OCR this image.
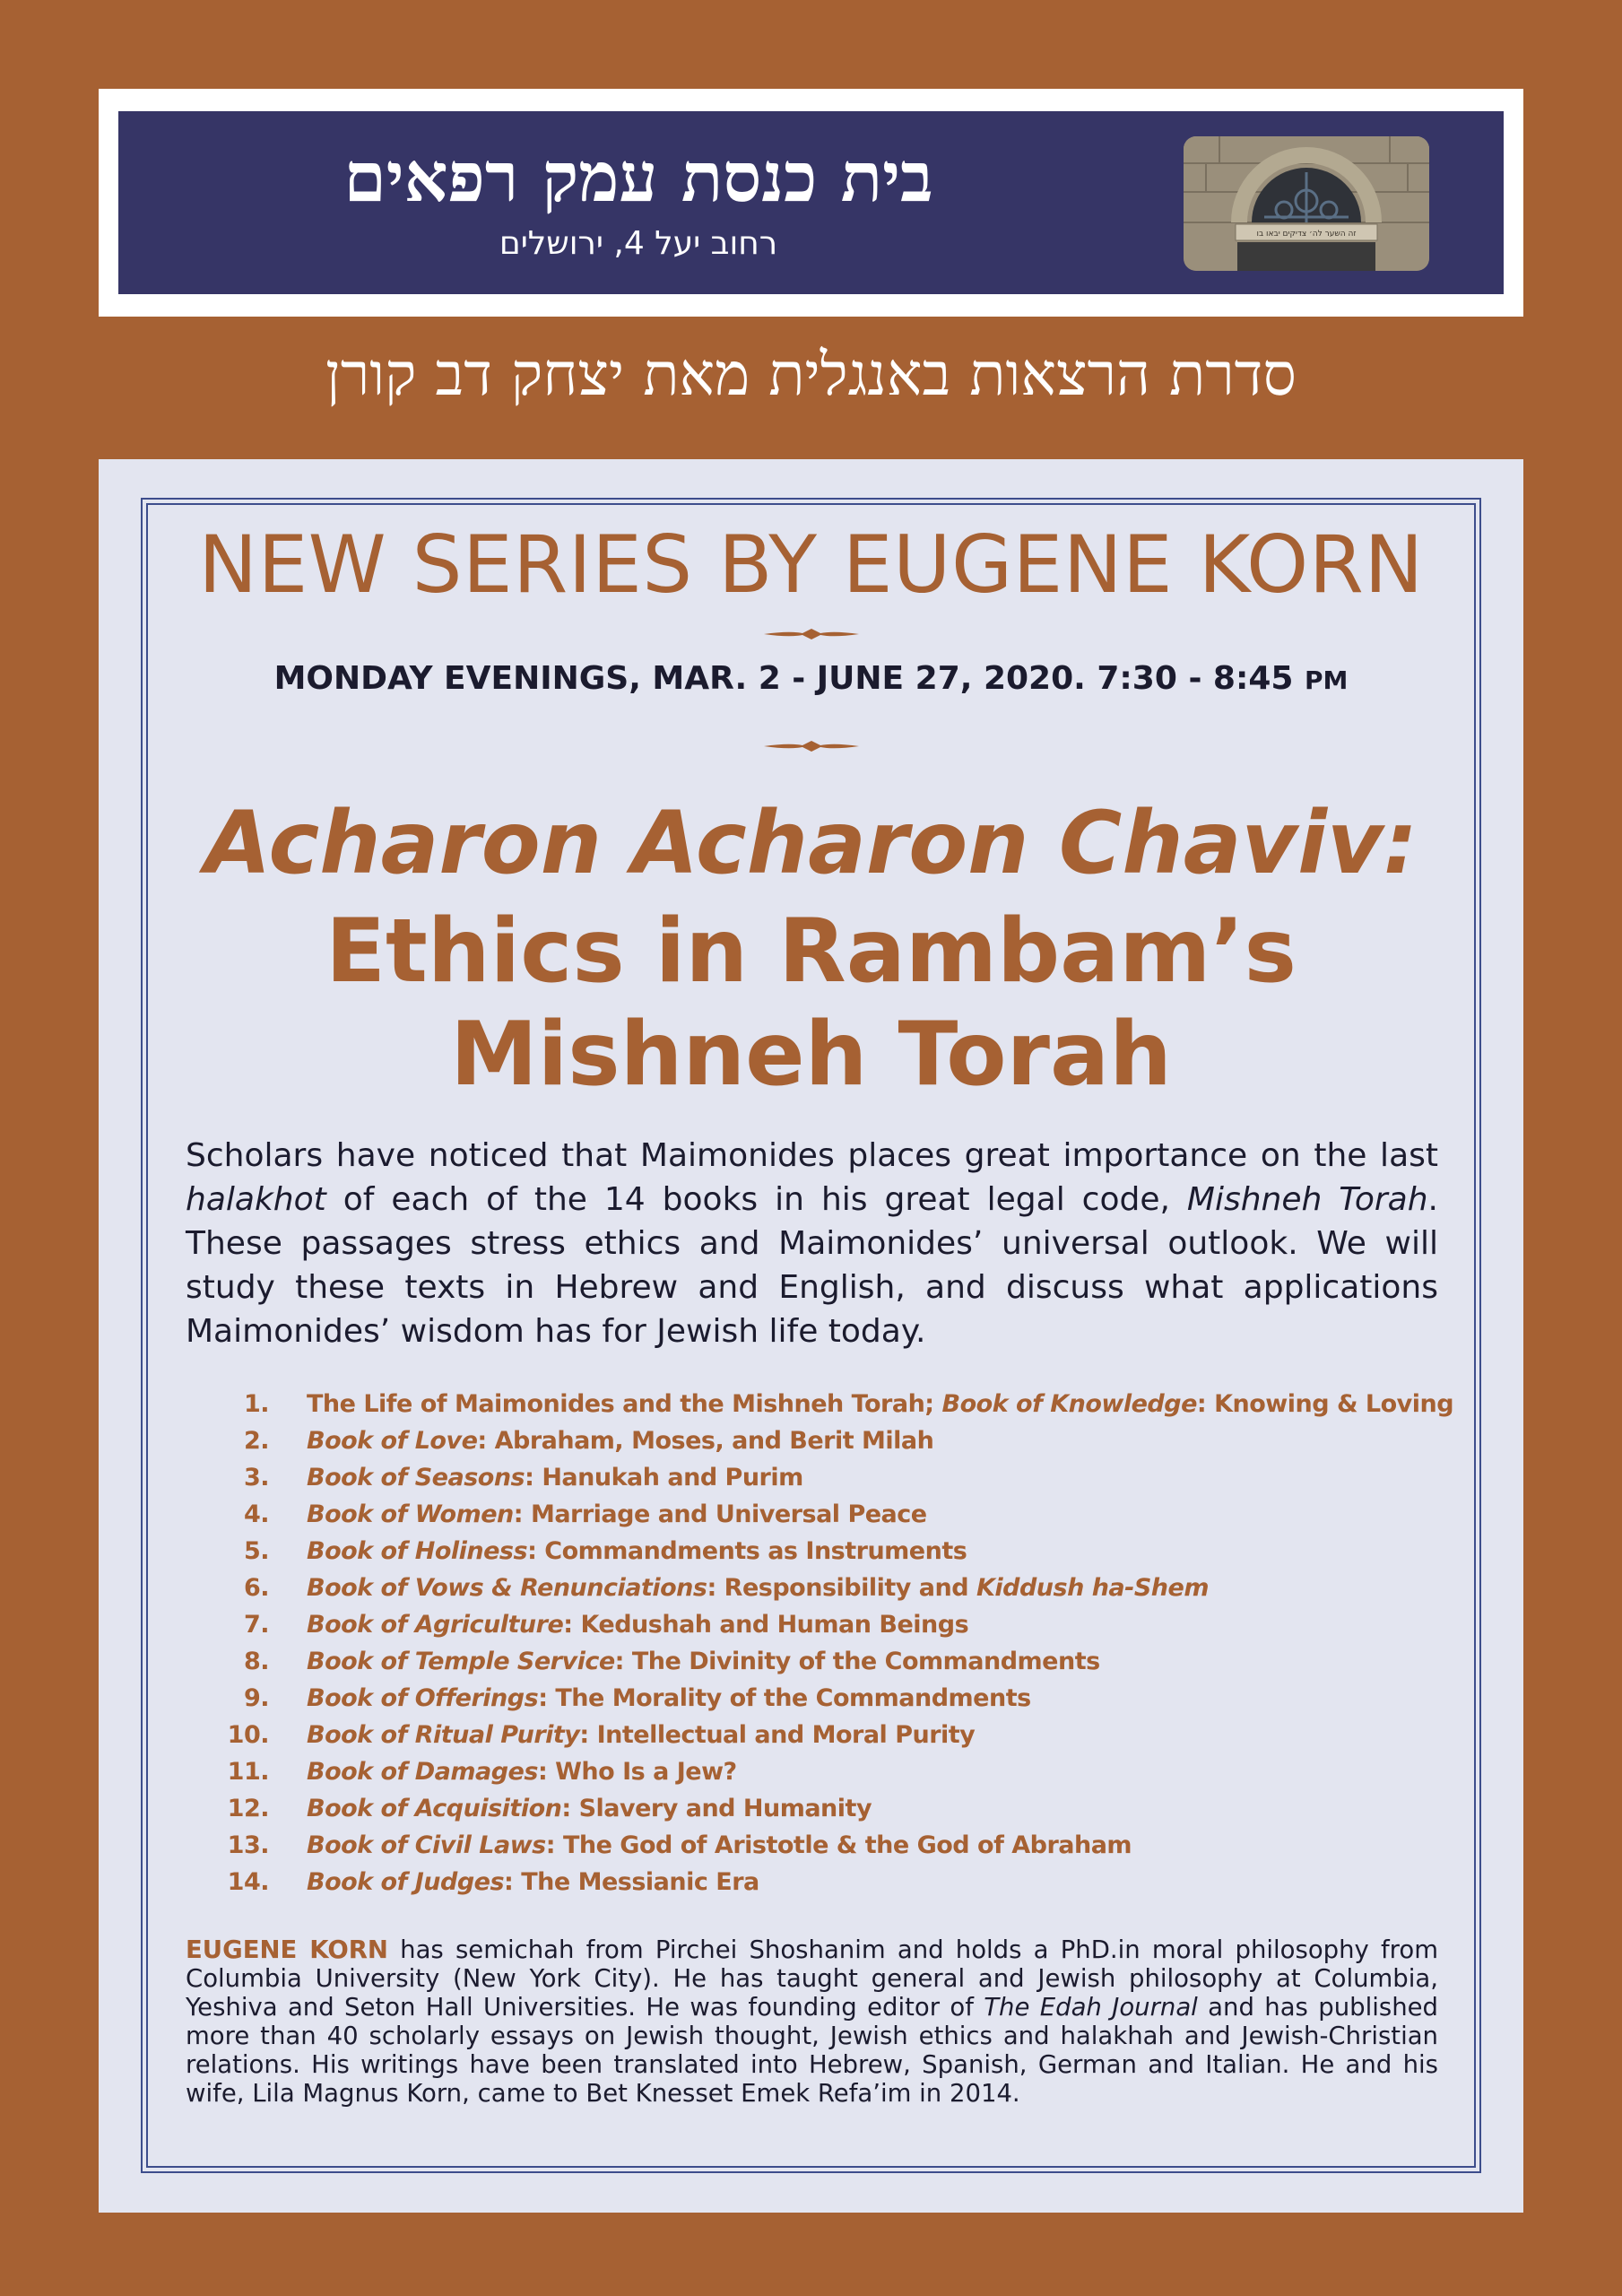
בית כנסת עמק רפאים
רחוב יעל 4, ירושלים	זה השער לה׳ צדיקים יבאו בו
סדרת הרצאות באנגלית מאת יצחק דב קורן
NEW SERIES BY EUGENE KORN
MONDAY EVENINGS, MAR. 2 - JUNE 27, 2020. 7:30 - 8:45 PM
Acharon Acharon Chaviv:
Ethics in Rambam’s
Mishneh Torah

Scholars have noticed that Maimonides places great importance on the last halakhot of each of the 14 books in his great legal code, Mishneh Torah. These passages stress ethics and Maimonides’ universal outlook. We will study these texts in Hebrew and English, and discuss what applications Maimonides’ wisdom has for Jewish life today.

1. The Life of Maimonides and the Mishneh Torah; Book of Knowledge: Knowing & Loving
2. Book of Love: Abraham, Moses, and Berit Milah
3. Book of Seasons: Hanukah and Purim
4. Book of Women: Marriage and Universal Peace
5. Book of Holiness: Commandments as Instruments
6. Book of Vows & Renunciations: Responsibility and Kiddush ha-Shem
7. Book of Agriculture: Kedushah and Human Beings
8. Book of Temple Service: The Divinity of the Commandments
9. Book of Offerings: The Morality of the Commandments
10. Book of Ritual Purity: Intellectual and Moral Purity
11. Book of Damages: Who Is a Jew?
12. Book of Acquisition: Slavery and Humanity
13. Book of Civil Laws: The God of Aristotle & the God of Abraham
14. Book of Judges: The Messianic Era

EUGENE KORN has semichah from Pirchei Shoshanim and holds a PhD.in moral philosophy from Columbia University (New York City). He has taught general and Jewish philosophy at Columbia, Yeshiva and Seton Hall Universities. He was founding editor of The Edah Journal and has published more than 40 scholarly essays on Jewish thought, Jewish ethics and halakhah and Jewish-Christian relations. His writings have been translated into Hebrew, Spanish, German and Italian. He and his wife, Lila Magnus Korn, came to Bet Knesset Emek Refa’im in 2014.
